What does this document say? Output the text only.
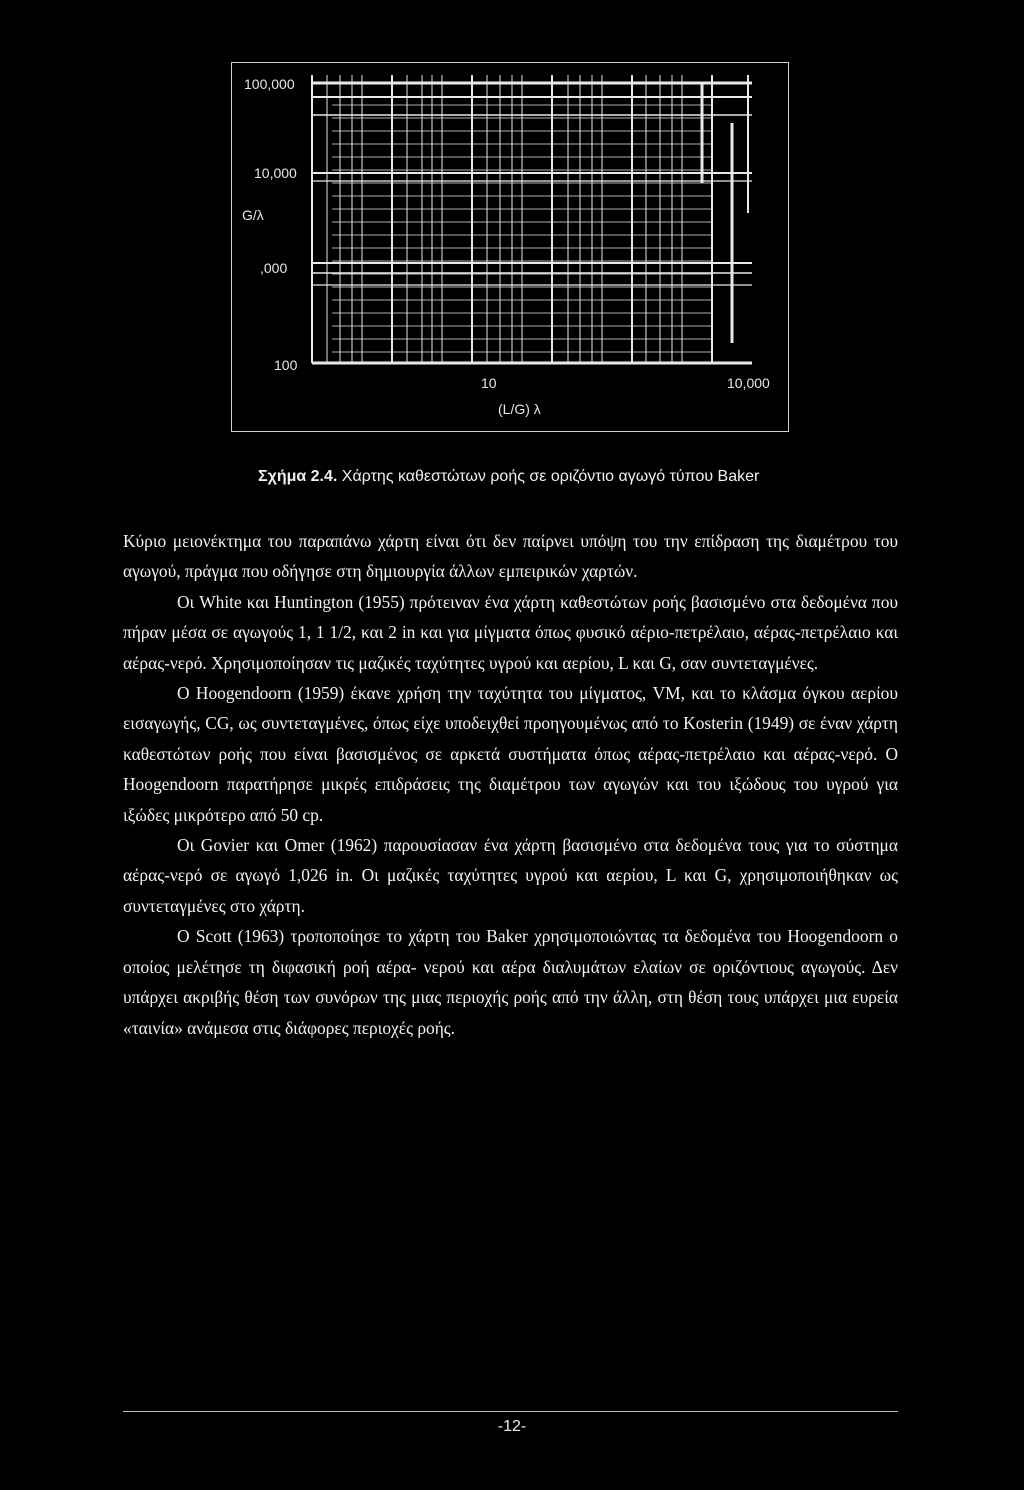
100,000
10,000
G/λ
,000
100
10	10,000
(L/G) λ
Σχήμα 2.4. Χάρτης καθεστώτων ροής σε οριζόντιο αγωγό τύπου Baker

Κύριο μειονέκτημα του παραπάνω χάρτη είναι ότι δεν παίρνει υπόψη του την επίδραση της διαμέτρου του αγωγού, πράγμα που οδήγησε στη δημιουργία άλλων εμπειρικών χαρτών.

Οι White και Huntington (1955) πρότειναν ένα χάρτη καθεστώτων ροής βασισμένο στα δεδομένα που πήραν μέσα σε αγωγούς 1, 1 1/2, και 2 in και για μίγματα όπως φυσικό αέριο-πετρέλαιο, αέρας-πετρέλαιο και αέρας-νερό. Χρησιμοποίησαν τις μαζικές ταχύτητες υγρού και αερίου, L και G, σαν συντεταγμένες.

Ο Hoogendoorn (1959) έκανε χρήση την ταχύτητα του μίγματος, VM, και το κλάσμα όγκου αερίου εισαγωγής, CG, ως συντεταγμένες, όπως είχε υποδειχθεί προηγουμένως από το Kosterin (1949) σε έναν χάρτη καθεστώτων ροής που είναι βασισμένος σε αρκετά συστήματα όπως αέρας-πετρέλαιο και αέρας-νερό. Ο Hoogendoorn παρατήρησε μικρές επιδράσεις της διαμέτρου των αγωγών και του ιξώδους του υγρού για ιξώδες μικρότερο από 50 cp.

Οι Govier και Omer (1962) παρουσίασαν ένα χάρτη βασισμένο στα δεδομένα τους για το σύστημα αέρας-νερό σε αγωγό 1,026 in. Οι μαζικές ταχύτητες υγρού και αερίου, L και G, χρησιμοποιήθηκαν ως συντεταγμένες στο χάρτη.

Ο Scott (1963) τροποποίησε το χάρτη του Baker χρησιμοποιώντας τα δεδομένα του Hoogendoorn ο οποίος μελέτησε τη διφασική ροή αέρα- νερού και αέρα διαλυμάτων ελαίων σε οριζόντιους αγωγούς. Δεν υπάρχει ακριβής θέση των συνόρων της μιας περιοχής ροής από την άλλη, στη θέση τους υπάρχει μια ευρεία «ταινία» ανάμεσα στις διάφορες περιοχές ροής.

-12-
